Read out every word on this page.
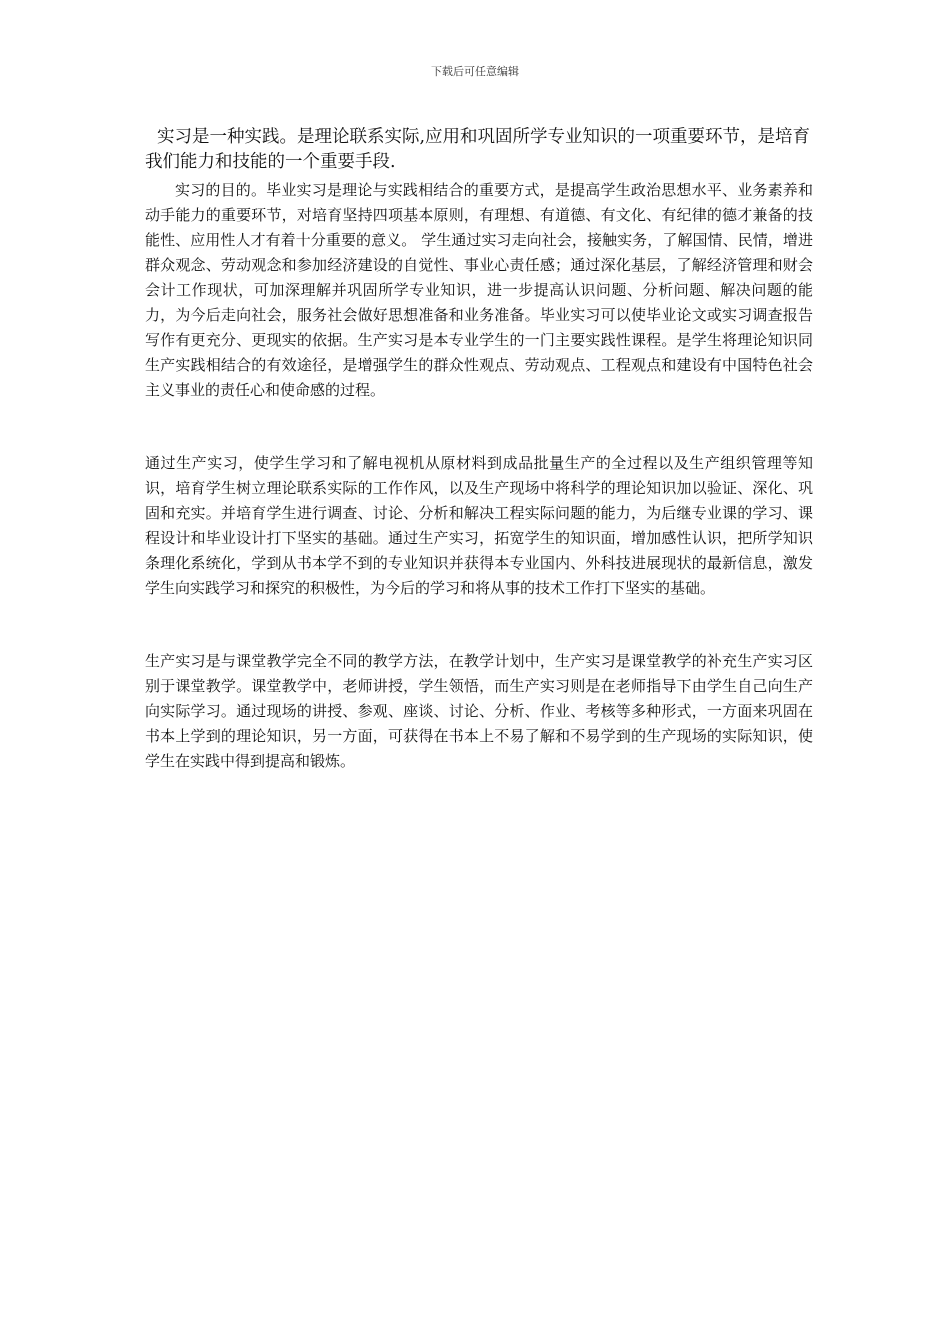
下载后可任意编辑

实习是一种实践。是理论联系实际,应用和巩固所学专业知识的一项重要环节，是培育我们能力和技能的一个重要手段.

实习的目的。毕业实习是理论与实践相结合的重要方式，是提高学生政治思想水平、业务素养和动手能力的重要环节，对培育坚持四项基本原则，有理想、有道德、有文化、有纪律的德才兼备的技能性、应用性人才有着十分重要的意义。 学生通过实习走向社会，接触实务，了解国情、民情，增进群众观念、劳动观念和参加经济建设的自觉性、事业心责任感；通过深化基层，了解经济管理和财会会计工作现状，可加深理解并巩固所学专业知识，进一步提高认识问题、分析问题、解决问题的能力，为今后走向社会，服务社会做好思想准备和业务准备。毕业实习可以使毕业论文或实习调查报告写作有更充分、更现实的依据。生产实习是本专业学生的一门主要实践性课程。是学生将理论知识同生产实践相结合的有效途径，是增强学生的群众性观点、劳动观点、工程观点和建设有中国特色社会主义事业的责任心和使命感的过程。

通过生产实习，使学生学习和了解电视机从原材料到成品批量生产的全过程以及生产组织管理等知识，培育学生树立理论联系实际的工作作风，以及生产现场中将科学的理论知识加以验证、深化、巩固和充实。并培育学生进行调查、讨论、分析和解决工程实际问题的能力，为后继专业课的学习、课程设计和毕业设计打下坚实的基础。通过生产实习，拓宽学生的知识面，增加感性认识，把所学知识条理化系统化，学到从书本学不到的专业知识并获得本专业国内、外科技进展现状的最新信息，激发学生向实践学习和探究的积极性，为今后的学习和将从事的技术工作打下坚实的基础。

生产实习是与课堂教学完全不同的教学方法，在教学计划中，生产实习是课堂教学的补充生产实习区别于课堂教学。课堂教学中，老师讲授，学生领悟，而生产实习则是在老师指导下由学生自己向生产向实际学习。通过现场的讲授、参观、座谈、讨论、分析、作业、考核等多种形式，一方面来巩固在书本上学到的理论知识，另一方面，可获得在书本上不易了解和不易学到的生产现场的实际知识，使学生在实践中得到提高和锻炼。
